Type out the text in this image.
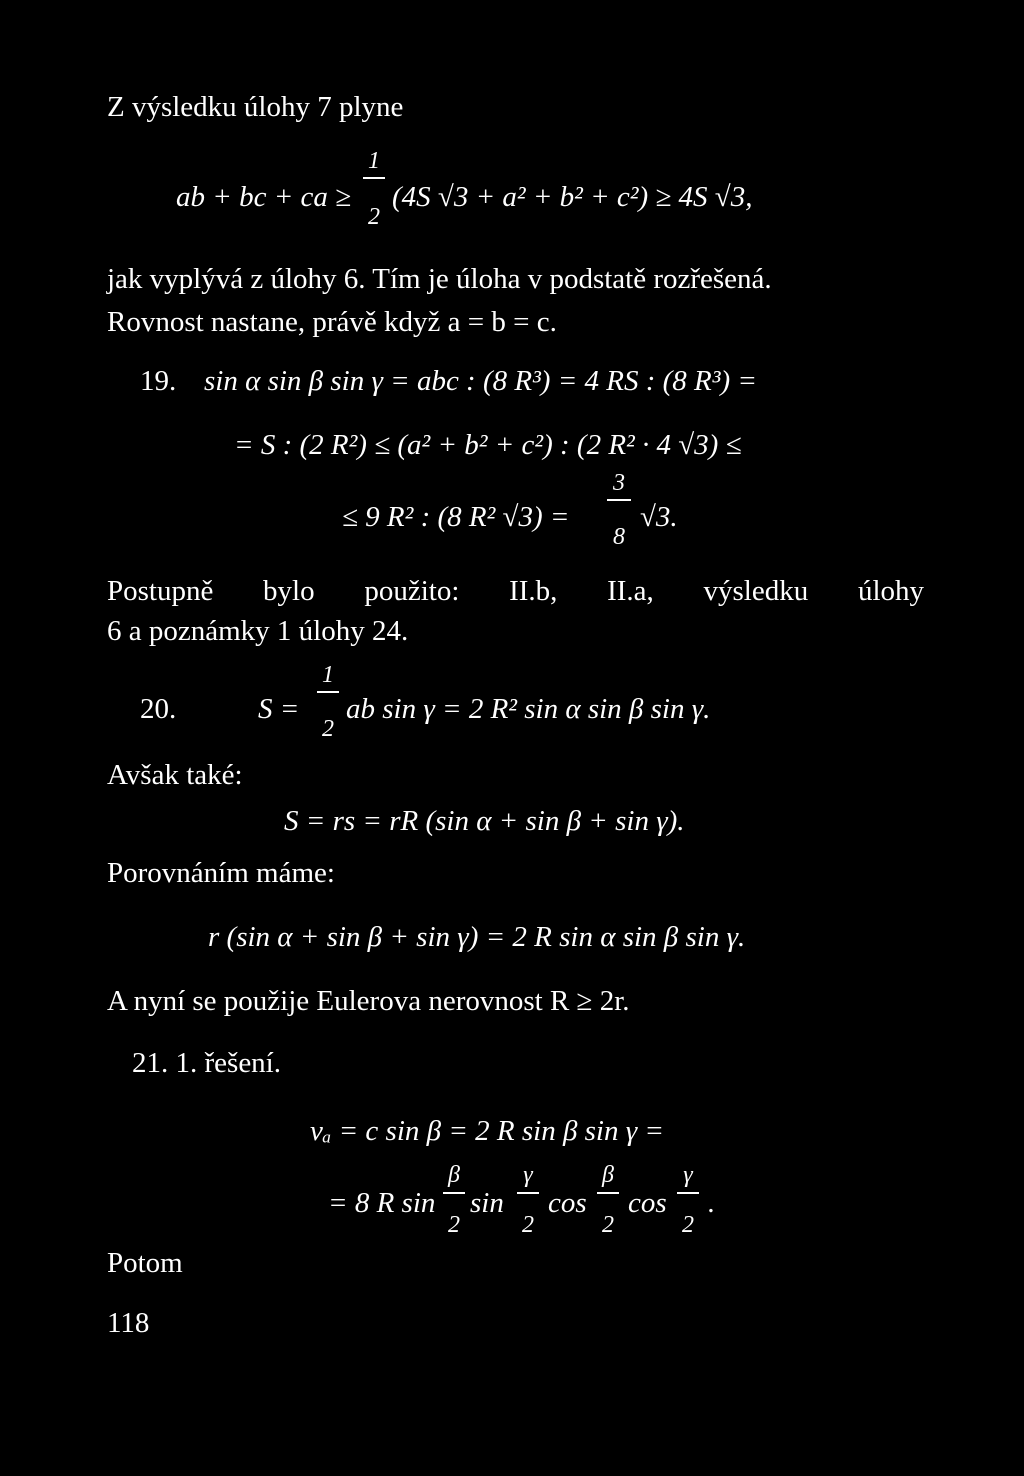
Z výsledku úlohy 7 plyne
ab + bc + ca ≥
1
2
(4S √3 + a² + b² + c²) ≥ 4S √3,
jak vyplývá z úlohy 6. Tím je úloha v podstatě rozřešená.
Rovnost nastane, právě když a = b = c.
19. sin α sin β sin γ = abc : (8 R³) = 4 RS : (8 R³) =
= S : (2 R²) ≤ (a² + b² + c²) : (2 R² · 4 √3) ≤
≤ 9 R² : (8 R² √3) =
3
8
√3.
Postupně bylo použito: II.b, II.a, výsledku úlohy
6 a poznámky 1 úlohy 24.
20.	S =
1
2
ab sin γ = 2 R² sin α sin β sin γ.
Avšak také:
S = rs = rR (sin α + sin β + sin γ).
Porovnáním máme:
r (sin α + sin β + sin γ) = 2 R sin α sin β sin γ.
A nyní se použije Eulerova nerovnost R ≥ 2r.
21. 1. řešení.
vₐ = c sin β = 2 R sin β sin γ =
= 8 R sin
β
2
sin
γ
2
cos
β
2
cos
γ
2
.
Potom
118
